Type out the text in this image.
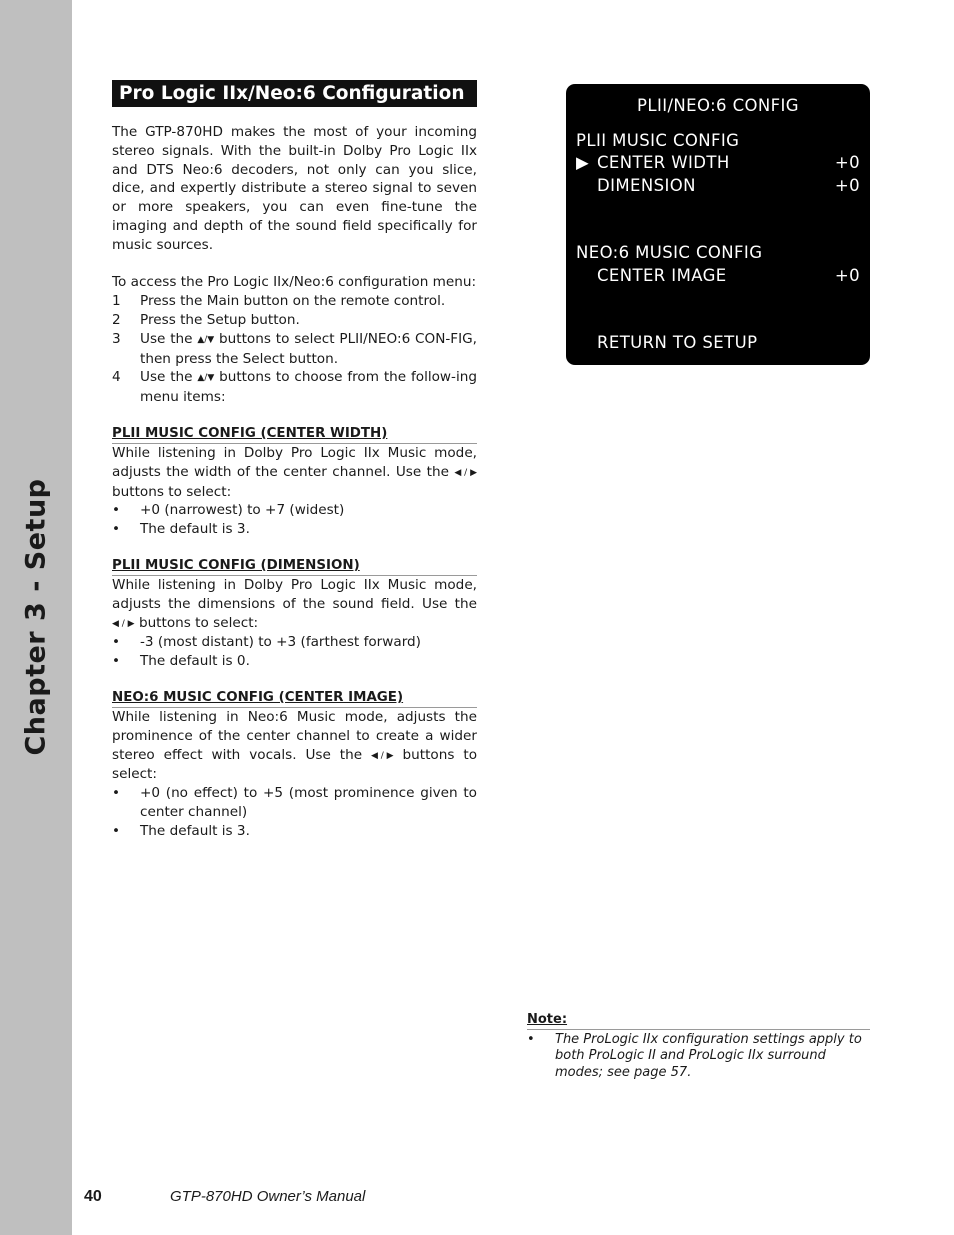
Chapter 3 - Setup
Pro Logic IIx/Neo:6 Configuration

The GTP-870HD makes the most of your incoming stereo signals. With the built-in Dolby Pro Logic IIx and DTS Neo:6 decoders, not only can you slice, dice, and expertly distribute a stereo signal to seven or more speakers, you can even fine-tune the imaging and depth of the sound field specifically for music sources.

To access the Pro Logic IIx/Neo:6 configuration menu:

1	Press the Main button on the remote control.
2	Press the Setup button.
3	Use the ▲/▼ buttons to select PLII/NEO:6 CON-FIG, then press the Select button.
4	Use the ▲/▼ buttons to choose from the follow-ing menu items:
PLII MUSIC CONFIG (CENTER WIDTH)

While listening in Dolby Pro Logic IIx Music mode, adjusts the width of the center channel. Use the ◀ / ▶ buttons to select:

•	+0 (narrowest) to +7 (widest)
•	The default is 3.
PLII MUSIC CONFIG (DIMENSION)

While listening in Dolby Pro Logic IIx Music mode, adjusts the dimensions of the sound field. Use the ◀ / ▶ buttons to select:

•	-3 (most distant) to +3 (farthest forward)
•	The default is 0.
NEO:6 MUSIC CONFIG (CENTER IMAGE)

While listening in Neo:6 Music mode, adjusts the prominence of the center channel to create a wider stereo effect with vocals. Use the ◀ / ▶ buttons to select:

•	+0 (no effect) to +5 (most prominence given to center channel)
•	The default is 3.
PLII/NEO:6 CONFIG
PLII MUSIC CONFIG
▶ CENTER WIDTH	+0
DIMENSION	+0
NEO:6 MUSIC CONFIG
CENTER IMAGE	+0
RETURN TO SETUP
Note:
•	The ProLogic IIx configuration settings apply to both ProLogic II and ProLogic IIx surround modes; see page 57.
40	GTP-870HD Owner’s Manual
